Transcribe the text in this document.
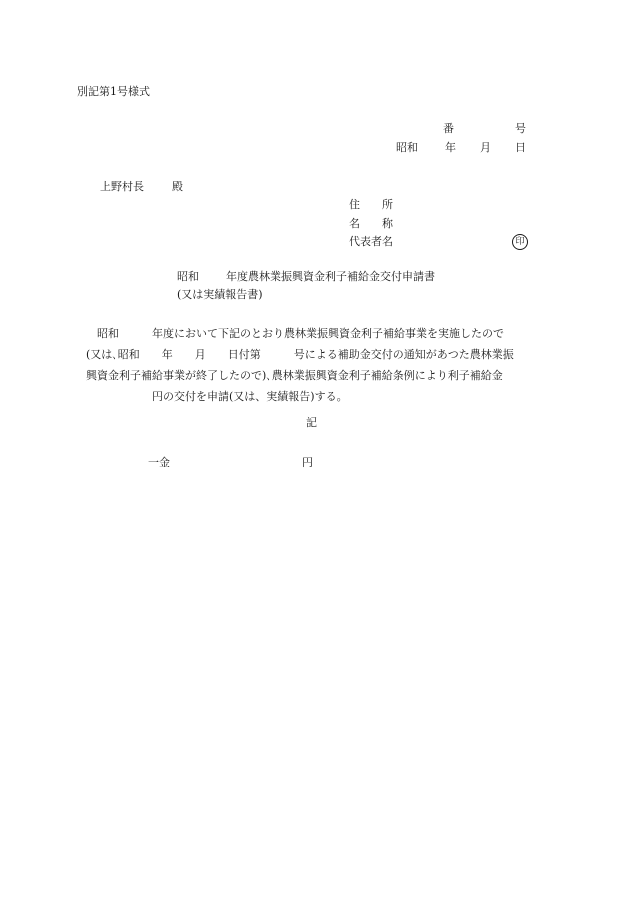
別記第1号様式
番	号
昭和 年 月 日
上野村長	殿
住　　所
名　　称
代表者名	印
昭和 年度農林業振興資金利子補給金交付申請書
(又は実績報告書)
　昭和　　　年度において下記のとおり農林業振興資金利子補給事業を実施したので
(又は､昭和　　年　　月　　日付第　　　号による補助金交付の通知があつた農林業振
興資金利子補給事業が終了したので)､農林業振興資金利子補給条例により利子補給金
　　　　　　円の交付を申請(又は、実績報告)する。
記
一金	円
